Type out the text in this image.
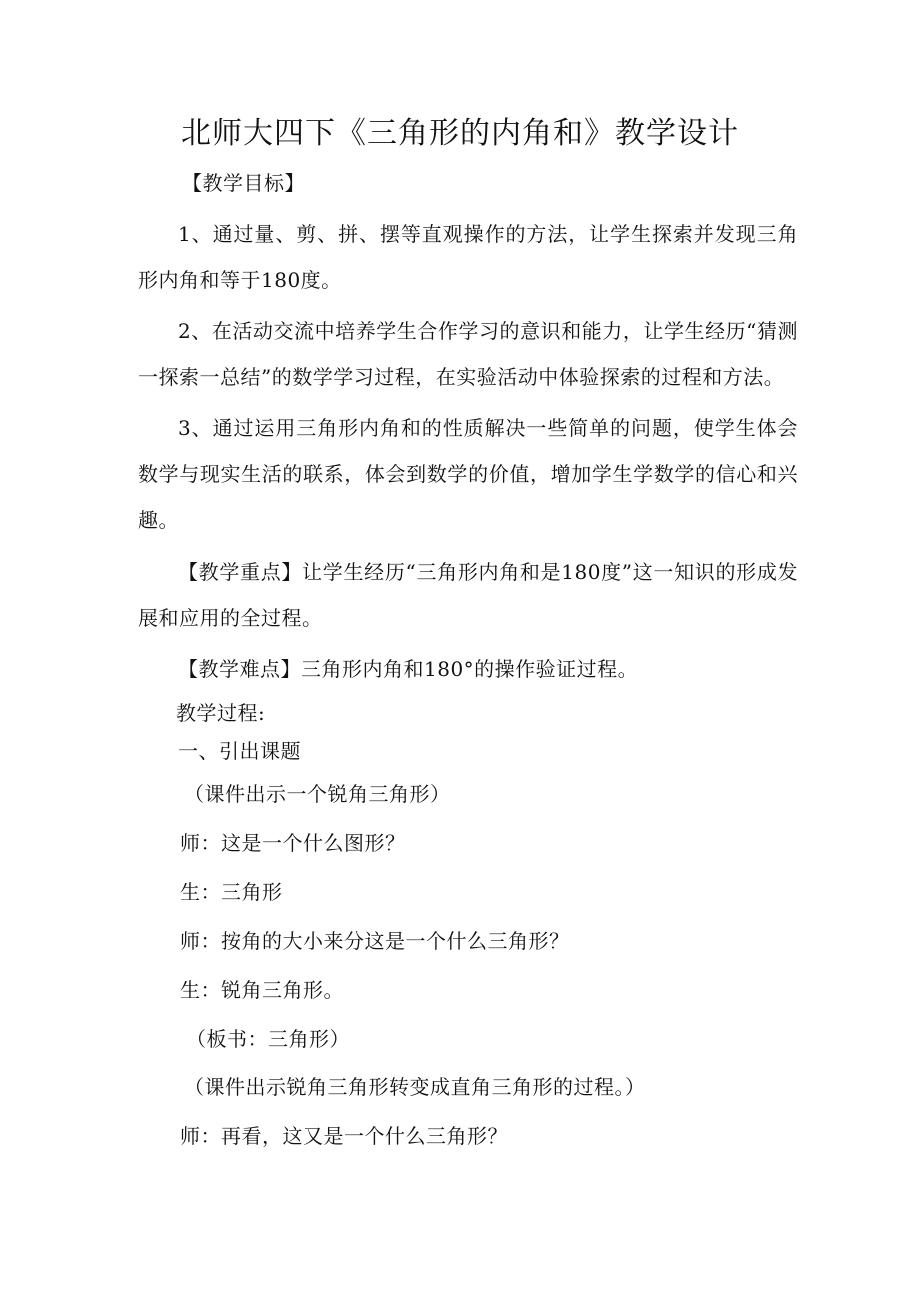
北师大四下《三角形的内角和》教学设计
【教学目标】
1、通过量、剪、拼、摆等直观操作的方法，让学生探索并发现三角形内角和等于180度。
2、在活动交流中培养学生合作学习的意识和能力，让学生经历“猜测一探索一总结”的数学学习过程，在实验活动中体验探索的过程和方法。
3、通过运用三角形内角和的性质解决一些简单的问题，使学生体会数学与现实生活的联系，体会到数学的价值，增加学生学数学的信心和兴趣。
【教学重点】让学生经历“三角形内角和是180度”这一知识的形成发展和应用的全过程。
【教学难点】三角形内角和180°的操作验证过程。
教学过程:
一、引出课题
（课件出示一个锐角三角形）
师：这是一个什么图形？
生：三角形
师：按角的大小来分这是一个什么三角形？
生：锐角三角形。
（板书：三角形）
（课件出示锐角三角形转变成直角三角形的过程。）
师：再看，这又是一个什么三角形？
